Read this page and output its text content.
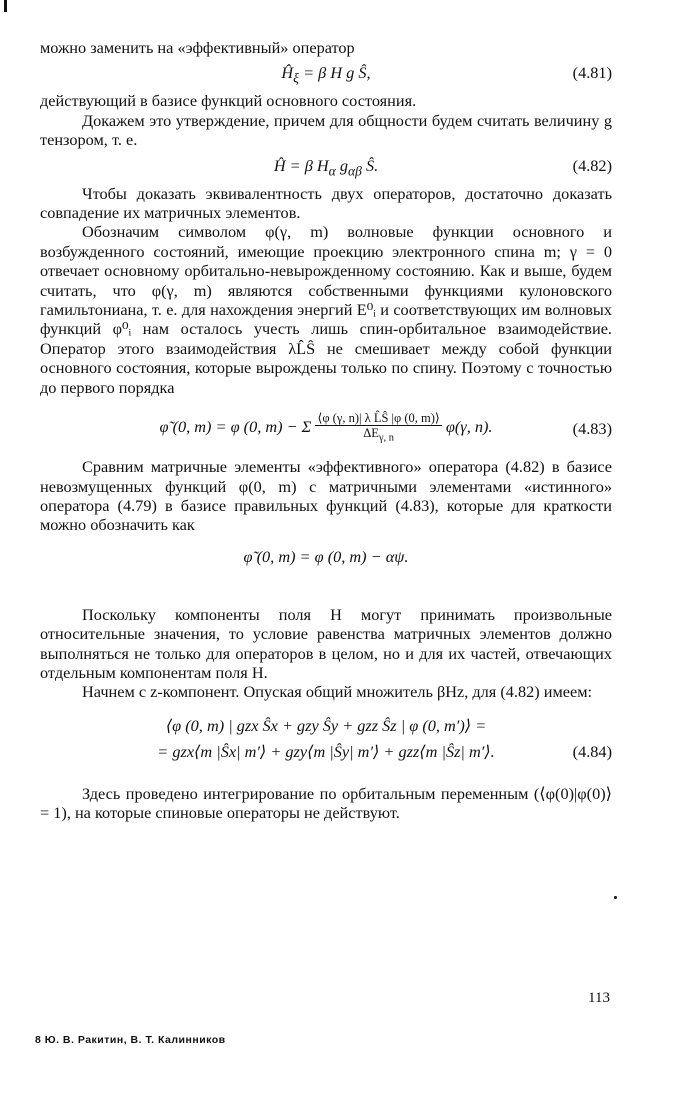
можно заменить на «эффективный» оператор

$Ĥ_\xi = \beta$ H g Ŝ,	(4.81)

действующий в базисе функций основного состояния.

Докажем это утверждение, причем для общности будем считать величину g тензором, т. е.

Ĥ = β $H_\alpha$ $g_{\alpha\beta}$ Ŝ.	(4.82)

Чтобы доказать эквивалентность двух операторов, достаточно доказать совпадение их матричных элементов.

Обозначим символом φ(γ, m) волновые функции основного и возбужденного состояний, имеющие проекцию электронного спина m; γ = 0 отвечает основному орбитально-невырожденному состоянию. Как и выше, будем считать, что φ(γ, m) являются собственными функциями кулоновского гамильтониана, т. е. для нахождения энергий E⁰ᵢ и соответствующих им волновых функций φ⁰ᵢ нам осталось учесть лишь спин-орбитальное взаимодействие. Оператор этого взаимодействия λL̂Ŝ не смешивает между собой функции основного состояния, которые вырождены только по спину. Поэтому с точностью до первого порядка

φ̃ (0, m) = φ (0, m) − Σ $\frac{\text{⟨φ (γ, n)| λ L̂Ŝ |φ (0, m)⟩}}{\Delta E_{\gamma, n}} \varphi(\gamma$, n).	(4.83)

Сравним матричные элементы «эффективного» оператора (4.82) в базисе невозмущенных функций φ(0, m) с матричными элементами «истинного» оператора (4.79) в базисе правильных функций (4.83), которые для краткости можно обозначить как

φ̃ (0, m) = φ (0, m) − αψ.

Поскольку компоненты поля H могут принимать произвольные относительные значения, то условие равенства матричных элементов должно выполняться не только для операторов в целом, но и для их частей, отвечающих отдельным компонентам поля H.

Начнем с z-компонент. Опуская общий множитель βHz, для (4.82) имеем:

⟨φ (0, m) | gzx Ŝx + gzy Ŝy + gzz Ŝz | φ (0, m′)⟩ =
= gzx⟨m |Ŝx| m′⟩ + gzy⟨m |Ŝy| m′⟩ + gzz⟨m |Ŝz| m′⟩.	(4.84)

Здесь проведено интегрирование по орбитальным переменным (⟨φ(0)|φ(0)⟩ = 1), на которые спиновые операторы не действуют.

113
8 Ю. В. Ракитин, В. Т. Калинников
